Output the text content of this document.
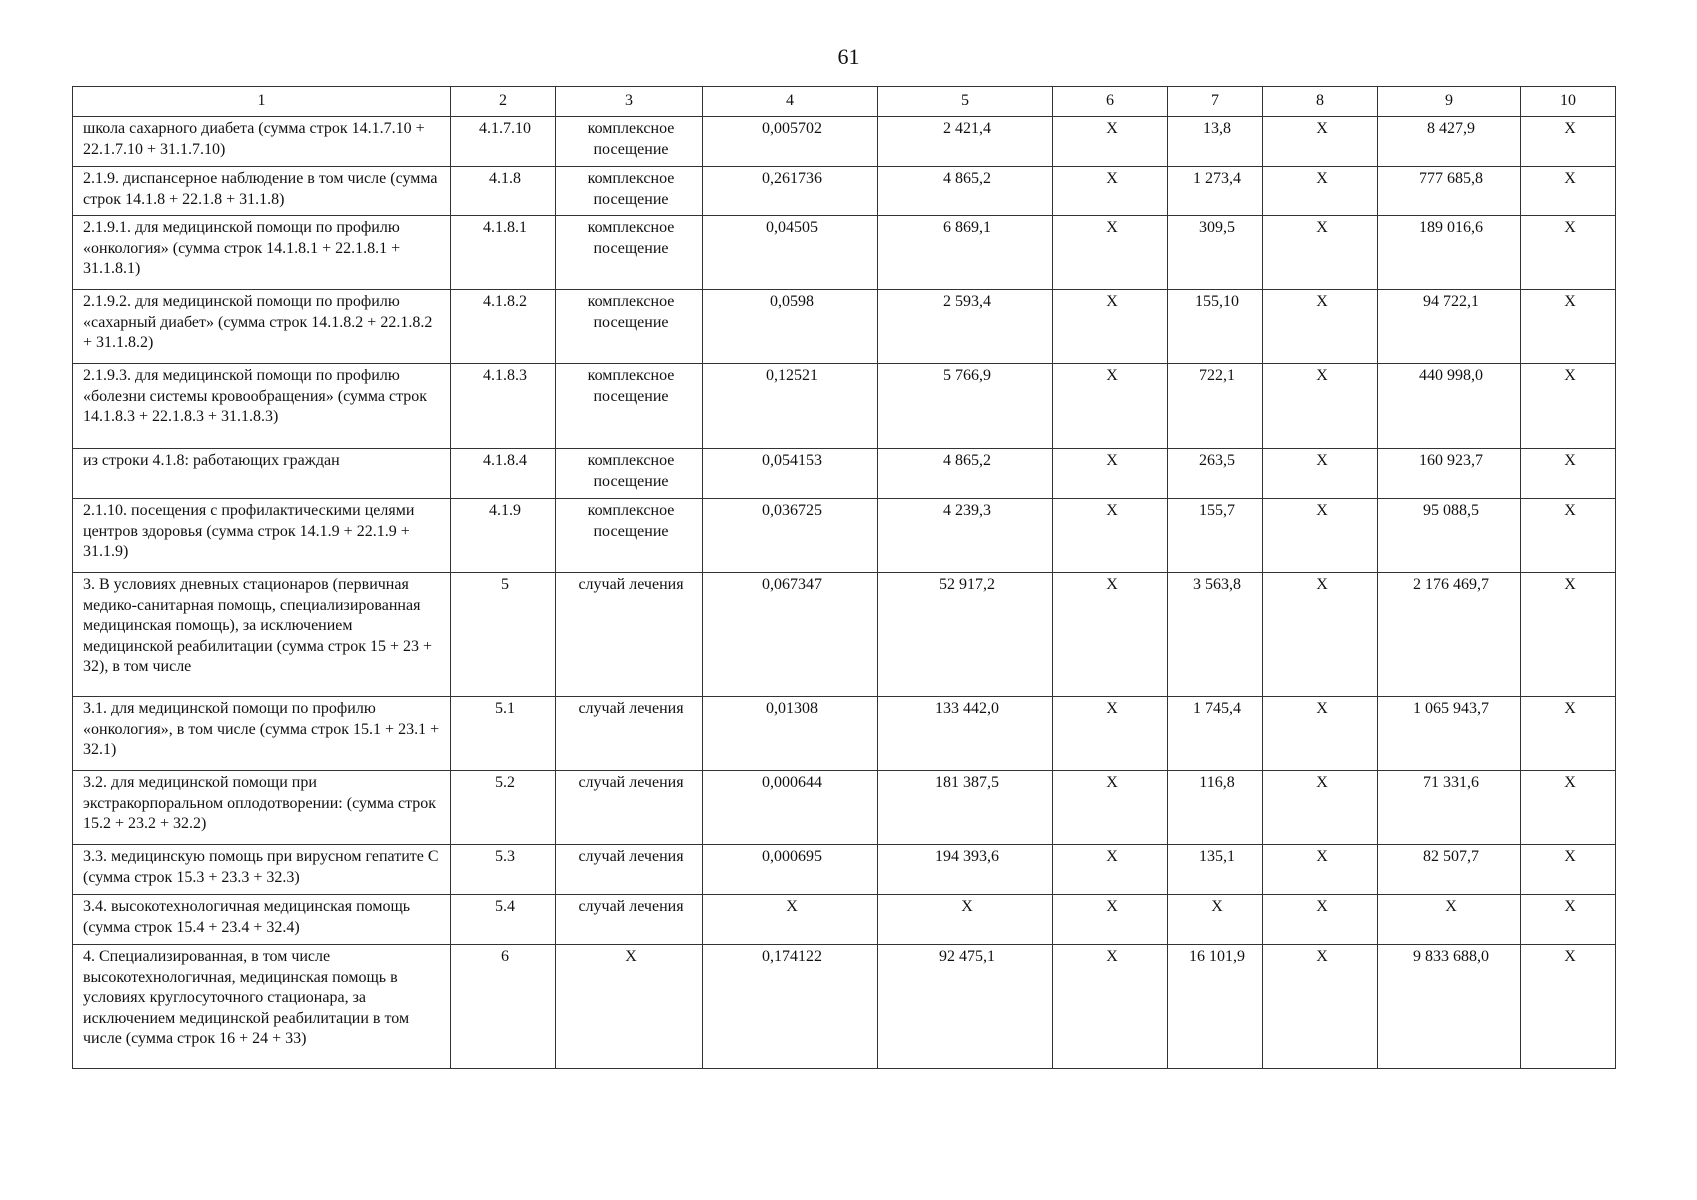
61
1	2	3	4	5	6	7	8	9	10
школа сахарного диабета (сумма строк 14.1.7.10 + 22.1.7.10 + 31.1.7.10)	4.1.7.10	комплексное посещение	0,005702	2 421,4	X	13,8	X	8 427,9	X
2.1.9. диспансерное наблюдение в том числе (сумма строк 14.1.8 + 22.1.8 + 31.1.8)	4.1.8	комплексное посещение	0,261736	4 865,2	X	1 273,4	X	777 685,8	X
2.1.9.1. для медицинской помощи по профилю «онкология» (сумма строк 14.1.8.1 + 22.1.8.1 + 31.1.8.1)	4.1.8.1	комплексное посещение	0,04505	6 869,1	X	309,5	X	189 016,6	X
2.1.9.2. для медицинской помощи по профилю «сахарный диабет» (сумма строк 14.1.8.2 + 22.1.8.2 + 31.1.8.2)	4.1.8.2	комплексное посещение	0,0598	2 593,4	X	155,10	X	94 722,1	X
2.1.9.3. для медицинской помощи по профилю «болезни системы кровообращения» (сумма строк 14.1.8.3 + 22.1.8.3 + 31.1.8.3)	4.1.8.3	комплексное посещение	0,12521	5 766,9	X	722,1	X	440 998,0	X
из строки 4.1.8: работающих граждан	4.1.8.4	комплексное посещение	0,054153	4 865,2	X	263,5	X	160 923,7	X
2.1.10. посещения с профилактическими целями центров здоровья (сумма строк 14.1.9 + 22.1.9 + 31.1.9)	4.1.9	комплексное посещение	0,036725	4 239,3	X	155,7	X	95 088,5	X
3. В условиях дневных стационаров (первичная медико-санитарная помощь, специализированная медицинская помощь), за исключением медицинской реабилитации (сумма строк 15 + 23 + 32), в том числе	5	случай лечения	0,067347	52 917,2	X	3 563,8	X	2 176 469,7	X
3.1. для медицинской помощи по профилю «онкология», в том числе (сумма строк 15.1 + 23.1 + 32.1)	5.1	случай лечения	0,01308	133 442,0	X	1 745,4	X	1 065 943,7	X
3.2. для медицинской помощи при экстракорпоральном оплодотворении: (сумма строк 15.2 + 23.2 + 32.2)	5.2	случай лечения	0,000644	181 387,5	X	116,8	X	71 331,6	X
3.3. медицинскую помощь при вирусном гепатите C (сумма строк 15.3 + 23.3 + 32.3)	5.3	случай лечения	0,000695	194 393,6	X	135,1	X	82 507,7	X
3.4. высокотехнологичная медицинская помощь (сумма строк 15.4 + 23.4 + 32.4)	5.4	случай лечения	X	X	X	X	X	X	X
4. Специализированная, в том числе высокотехнологичная, медицинская помощь в условиях круглосуточного стационара, за исключением медицинской реабилитации в том числе (сумма строк 16 + 24 + 33)	6	X	0,174122	92 475,1	X	16 101,9	X	9 833 688,0	X
